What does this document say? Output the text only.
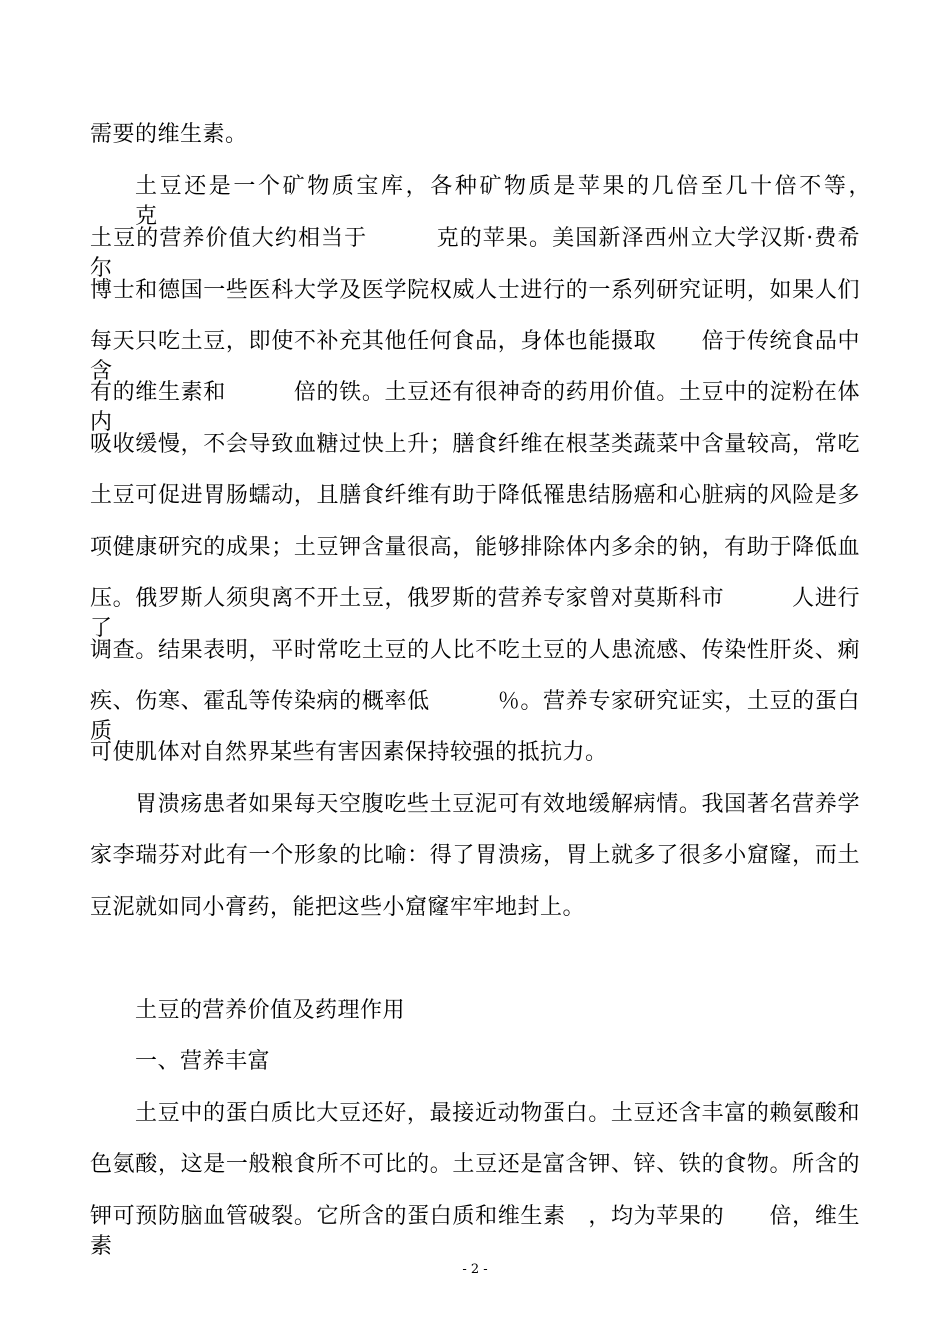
需要的维生素。
土豆还是一个矿物质宝库，各种矿物质是苹果的几倍至几十倍不等，　　克
土豆的营养价值大约相当于　　　克的苹果。美国新泽西州立大学汉斯·费希尔
博士和德国一些医科大学及医学院权威人士进行的一系列研究证明，如果人们
每天只吃土豆，即使不补充其他任何食品，身体也能摄取　　倍于传统食品中含
有的维生素和　　　倍的铁。土豆还有很神奇的药用价值。土豆中的淀粉在体内
吸收缓慢，不会导致血糖过快上升；膳食纤维在根茎类蔬菜中含量较高，常吃
土豆可促进胃肠蠕动，且膳食纤维有助于降低罹患结肠癌和心脏病的风险是多
项健康研究的成果；土豆钾含量很高，能够排除体内多余的钠，有助于降低血
压。俄罗斯人须臾离不开土豆，俄罗斯的营养专家曾对莫斯科市　　　人进行了
调查。结果表明，平时常吃土豆的人比不吃土豆的人患流感、传染性肝炎、痢
疾、伤寒、霍乱等传染病的概率低　　　％。营养专家研究证实，土豆的蛋白质
可使肌体对自然界某些有害因素保持较强的抵抗力。
胃溃疡患者如果每天空腹吃些土豆泥可有效地缓解病情。我国著名营养学
家李瑞芬对此有一个形象的比喻：得了胃溃疡，胃上就多了很多小窟窿，而土
豆泥就如同小膏药，能把这些小窟窿牢牢地封上。
土豆的营养价值及药理作用
一、营养丰富
土豆中的蛋白质比大豆还好，最接近动物蛋白。土豆还含丰富的赖氨酸和
色氨酸，这是一般粮食所不可比的。土豆还是富含钾、锌、铁的食物。所含的
钾可预防脑血管破裂。它所含的蛋白质和维生素　，均为苹果的　　倍，维生素
- 2 -
